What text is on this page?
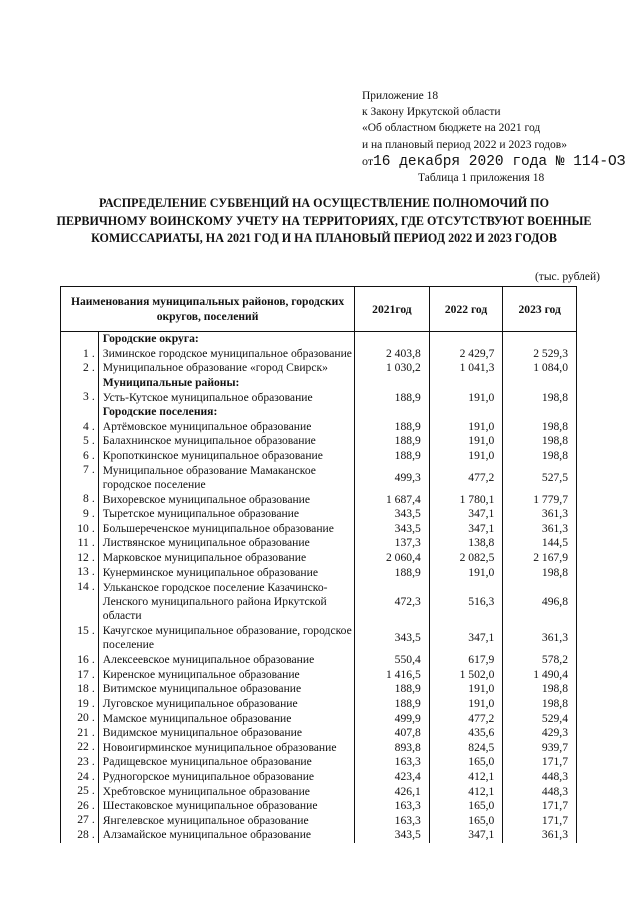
Приложение 18
к Закону Иркутской области
«Об областном бюджете на 2021 год
и на плановый период 2022 и 2023 годов»
от16 декабря 2020 года № 114-ОЗ
Таблица 1 приложения 18
РАСПРЕДЕЛЕНИЕ СУБВЕНЦИЙ НА ОСУЩЕСТВЛЕНИЕ ПОЛНОМОЧИЙ ПО
ПЕРВИЧНОМУ ВОИНСКОМУ УЧЕТУ НА ТЕРРИТОРИЯХ, ГДЕ ОТСУТСТВУЮТ ВОЕННЫЕ
КОМИССАРИАТЫ, НА 2021 ГОД И НА ПЛАНОВЫЙ ПЕРИОД 2022 И 2023 ГОДОВ
(тыс. рублей)
Наименования муниципальных районов, городских округов, поселений			2021год	2022 год	2023 год
		Городские округа:			
1	.	Зиминское городское муниципальное образование	2 403,8	2 429,7	2 529,3
2	.	Муниципальное образование «город Свирск»	1 030,2	1 041,3	1 084,0
		Муниципальные районы:			
3	.	Усть-Кутское муниципальное образование	188,9	191,0	198,8
		Городские поселения:			
4	.	Артёмовское муниципальное образование	188,9	191,0	198,8
5	.	Балахнинское муниципальное образование	188,9	191,0	198,8
6	.	Кропоткинское муниципальное образование	188,9	191,0	198,8
7	.	Муниципальное образование Мамаканское городское поселение	499,3	477,2	527,5
8	.	Вихоревское муниципальное образование	1 687,4	1 780,1	1 779,7
9	.	Тыретское муниципальное образование	343,5	347,1	361,3
10	.	Большереченское муниципальное образование	343,5	347,1	361,3
11	.	Листвянское муниципальное образование	137,3	138,8	144,5
12	.	Марковское муниципальное образование	2 060,4	2 082,5	2 167,9
13	.	Кунерминское муниципальное образование	188,9	191,0	198,8
14	.	Ульканское городское поселение Казачинско-Ленского муниципального района Иркутской области	472,3	516,3	496,8
15	.	Качугское муниципальное образование, городское поселение	343,5	347,1	361,3
16	.	Алексеевское муниципальное образование	550,4	617,9	578,2
17	.	Киренское муниципальное образование	1 416,5	1 502,0	1 490,4
18	.	Витимское муниципальное образование	188,9	191,0	198,8
19	.	Луговское муниципальное образование	188,9	191,0	198,8
20	.	Мамское муниципальное образование	499,9	477,2	529,4
21	.	Видимское муниципальное образование	407,8	435,6	429,3
22	.	Новоигирминское муниципальное образование	893,8	824,5	939,7
23	.	Радищевское муниципальное образование	163,3	165,0	171,7
24	.	Рудногорское муниципальное образование	423,4	412,1	448,3
25	.	Хребтовское муниципальное образование	426,1	412,1	448,3
26	.	Шестаковское муниципальное образование	163,3	165,0	171,7
27	.	Янгелевское муниципальное образование	163,3	165,0	171,7
28	.	Алзамайское муниципальное образование	343,5	347,1	361,3
